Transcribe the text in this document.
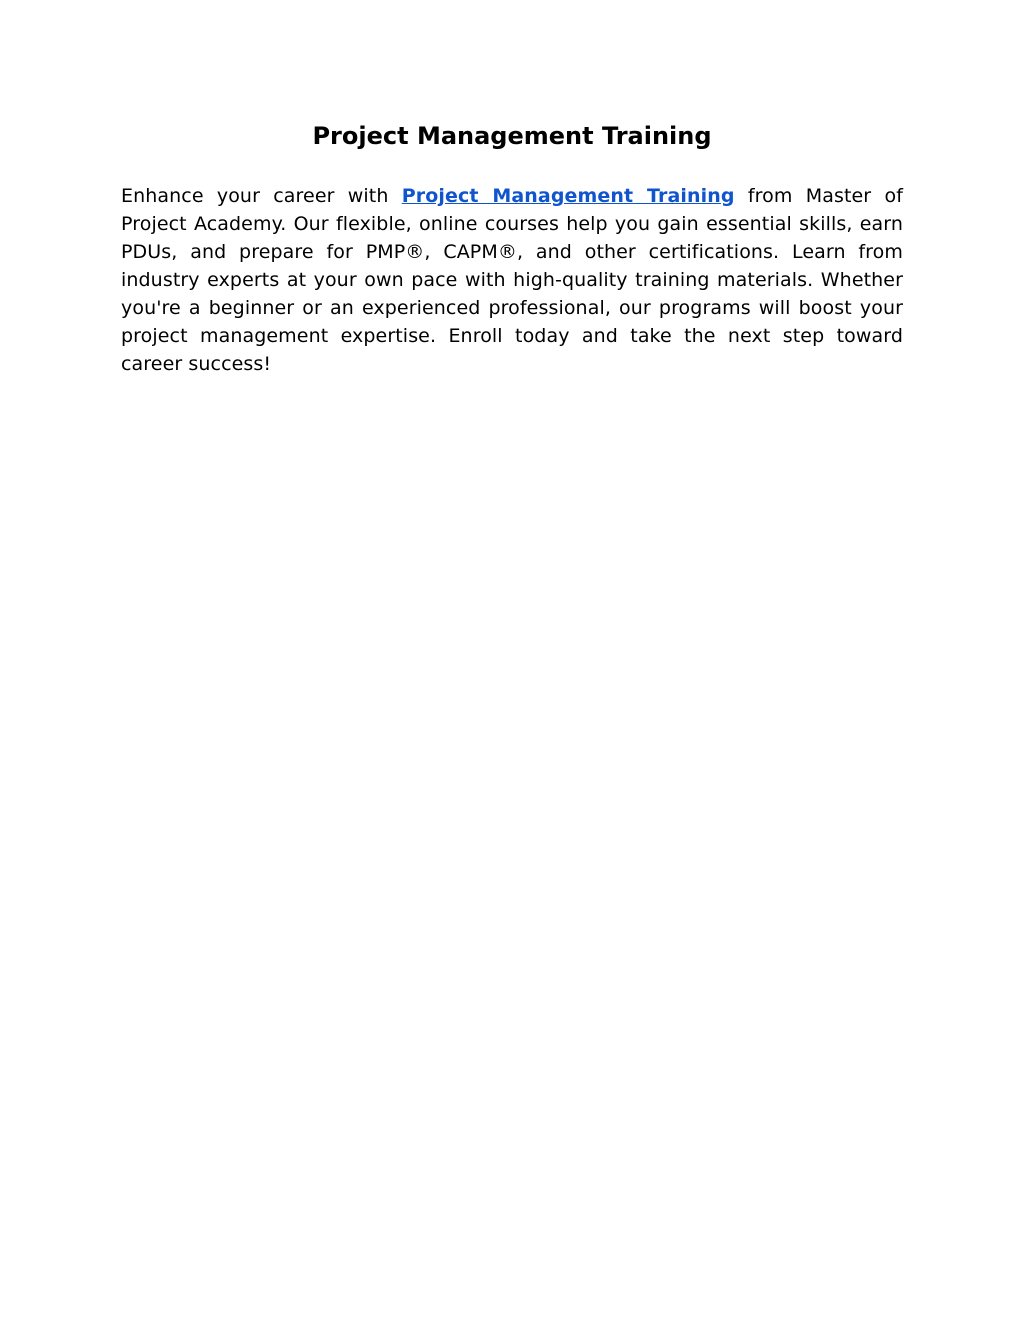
Project Management Training

Enhance your career with Project Management Training from Master of Project Academy. Our flexible, online courses help you gain essential skills, earn PDUs, and prepare for PMP®, CAPM®, and other certifications. Learn from industry experts at your own pace with high-quality training materials. Whether you're a beginner or an experienced professional, our programs will boost your project management expertise. Enroll today and take the next step toward career success!
